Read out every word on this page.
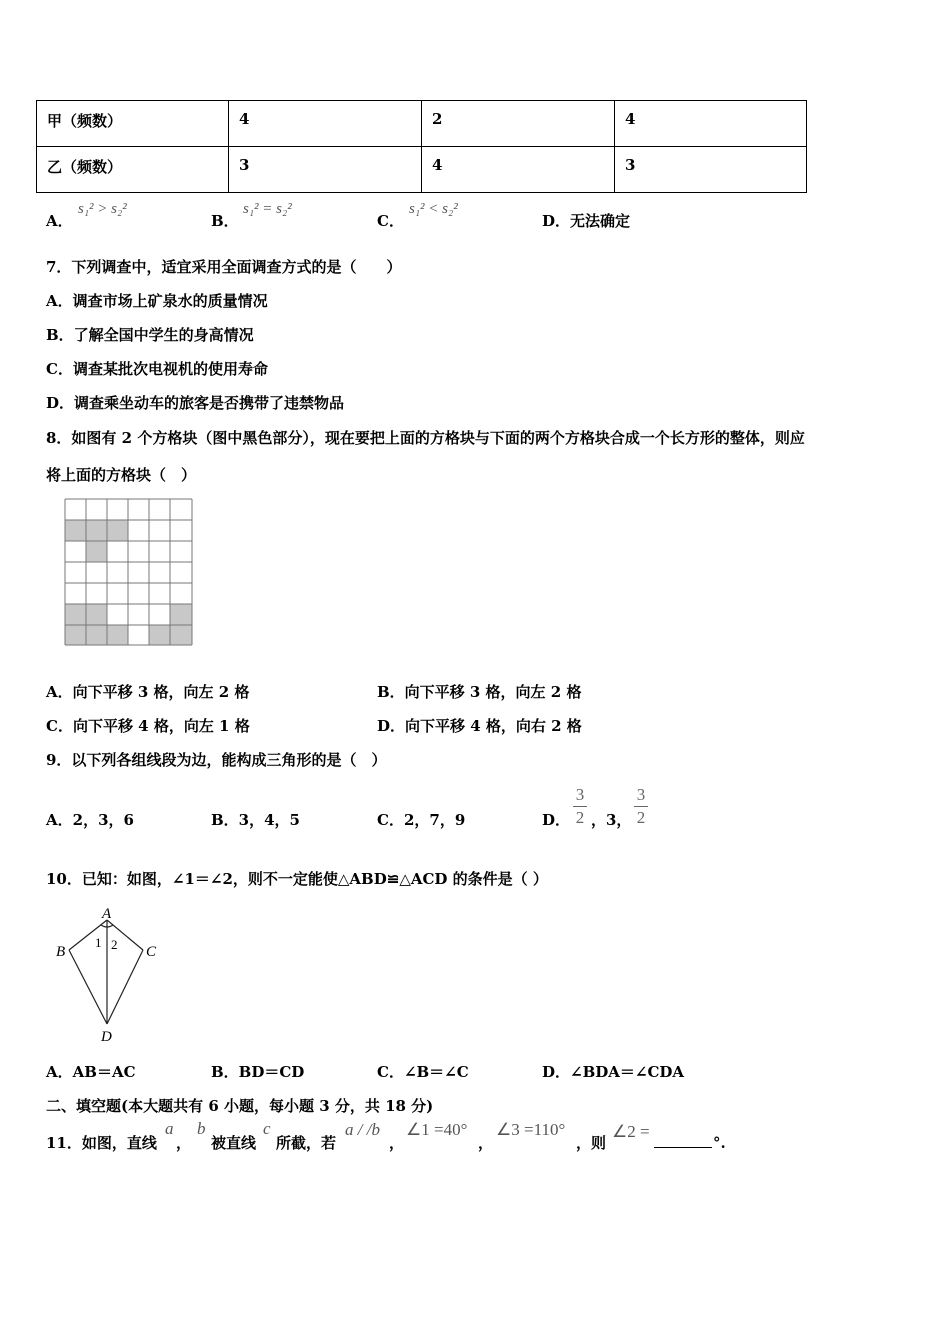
甲（频数）	4	2	4
乙（频数）	3	4	3
A．
s₁² > s₂²
B．
s₁² = s₂²
C．
s₁² < s₂²
D．无法确定
7．下列调查中，适宜采用全面调查方式的是（　　）
A．调查市场上矿泉水的质量情况
B．了解全国中学生的身高情况
C．调查某批次电视机的使用寿命
D．调查乘坐动车的旅客是否携带了违禁物品
8．如图有 2 个方格块（图中黑色部分），现在要把上面的方格块与下面的两个方格块合成一个长方形的整体，则应
将上面的方格块（　）
A．向下平移 3 格，向左 2 格	B．向下平移 3 格，向左 2 格
C．向下平移 4 格，向左 1 格	D．向下平移 4 格，向右 2 格
9．以下列各组线段为边，能构成三角形的是（　）
A．2，3，6	B．3，4，5	C．2，7，9	D．
3
2 ，3，
3
2
10．已知：如图，∠1＝∠2，则不一定能使△ABD≌△ACD 的条件是（ ）
A
B	C
D
1 2
A．AB＝AC	B．BD＝CD	C．∠B＝∠C	D．∠BDA＝∠CDA
二、填空题(本大题共有 6 小题，每小题 3 分，共 18 分)
11．如图，直线
a
，
b
被直线
c
所截，若
a / /b
，
∠1 =40°
，
∠3 =110°
，则
∠2 =
°.
